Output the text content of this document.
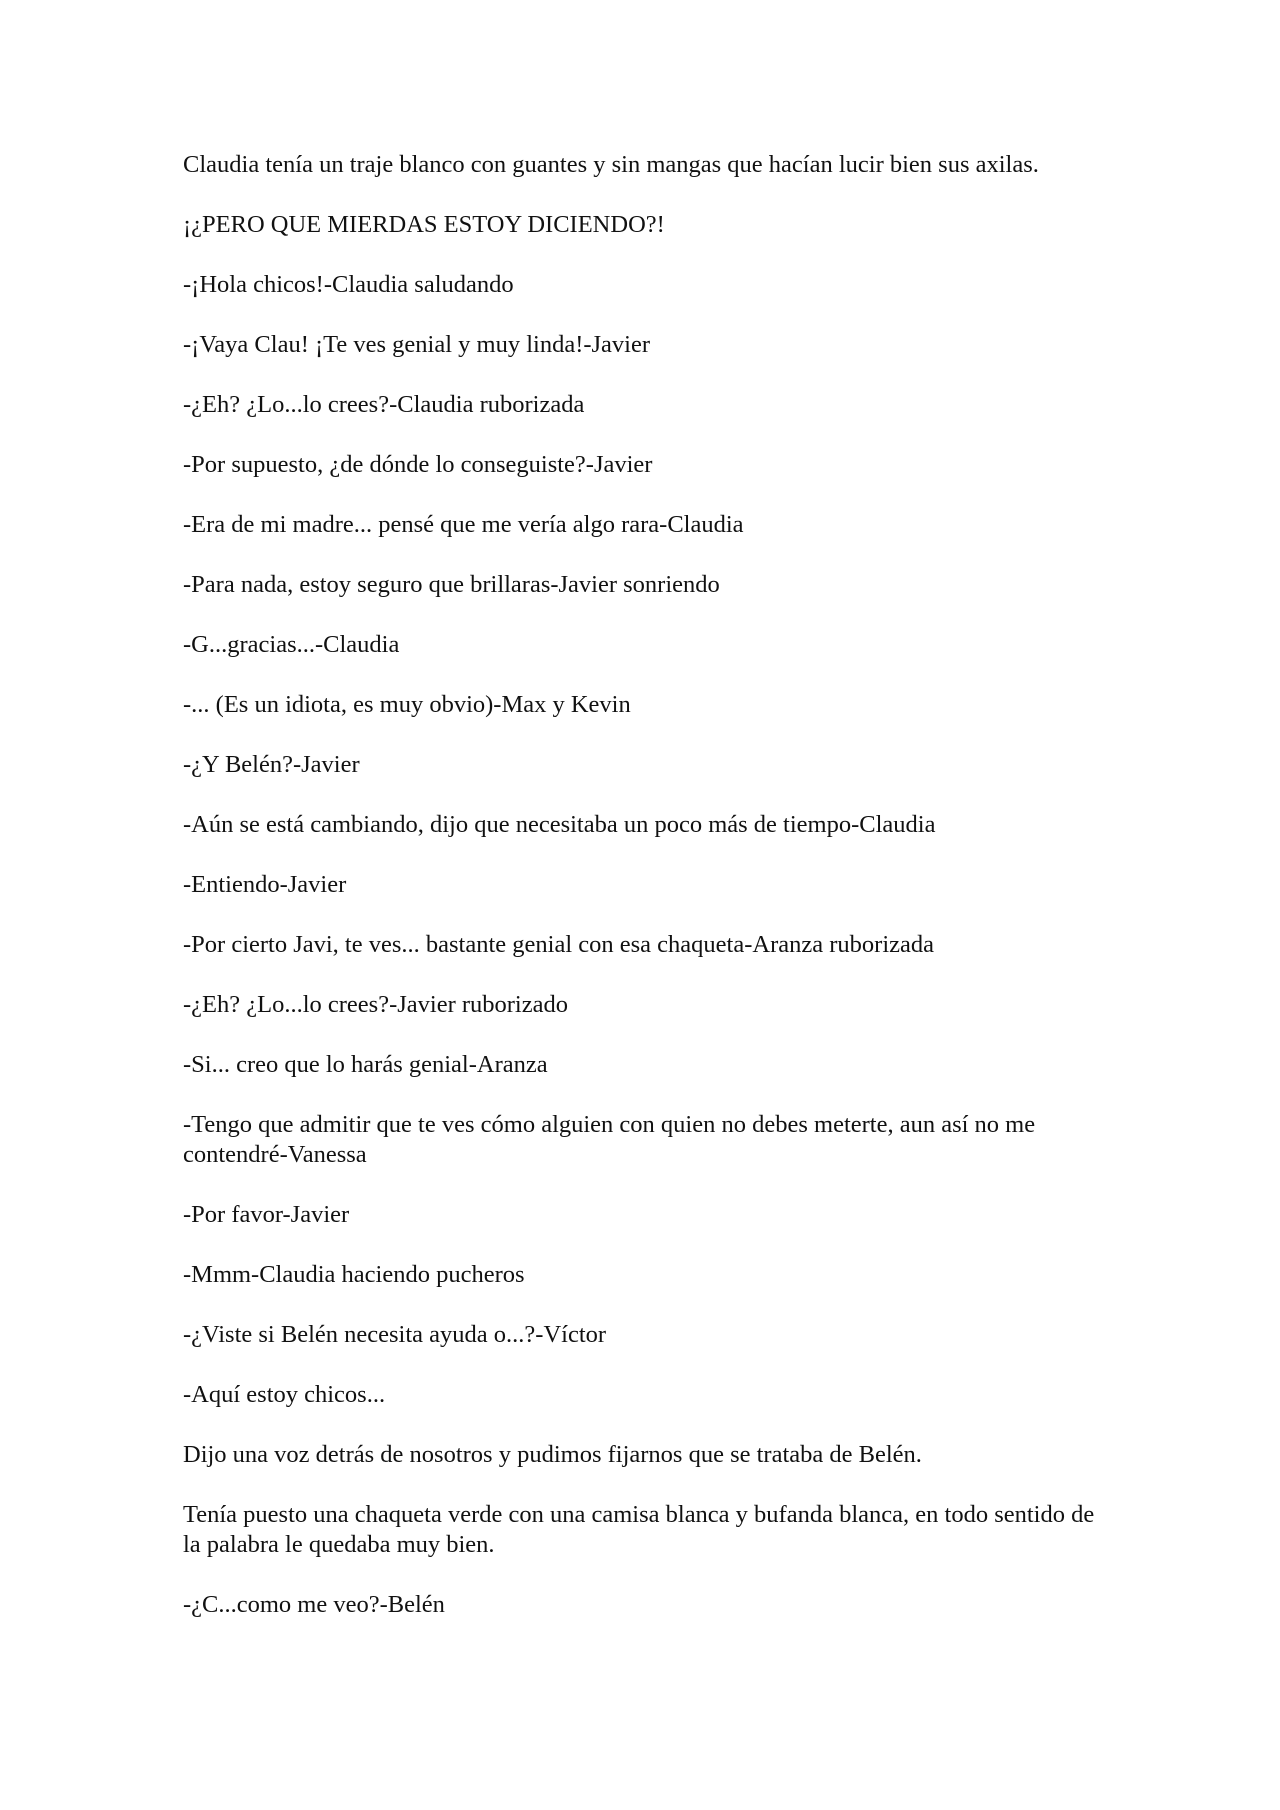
Claudia tenía un traje blanco con guantes y sin mangas que hacían lucir bien sus axilas.

¡¿PERO QUE MIERDAS ESTOY DICIENDO?!

-¡Hola chicos!-Claudia saludando

-¡Vaya Clau! ¡Te ves genial y muy linda!-Javier

-¿Eh? ¿Lo...lo crees?-Claudia ruborizada

-Por supuesto, ¿de dónde lo conseguiste?-Javier

-Era de mi madre... pensé que me vería algo rara-Claudia

-Para nada, estoy seguro que brillaras-Javier sonriendo

-G...gracias...-Claudia

-... (Es un idiota, es muy obvio)-Max y Kevin

-¿Y Belén?-Javier

-Aún se está cambiando, dijo que necesitaba un poco más de tiempo-Claudia

-Entiendo-Javier

-Por cierto Javi, te ves... bastante genial con esa chaqueta-Aranza ruborizada

-¿Eh? ¿Lo...lo crees?-Javier ruborizado

-Si... creo que lo harás genial-Aranza

-Tengo que admitir que te ves cómo alguien con quien no debes meterte, aun así no me contendré-Vanessa

-Por favor-Javier

-Mmm-Claudia haciendo pucheros

-¿Viste si Belén necesita ayuda o...?-Víctor

-Aquí estoy chicos...

Dijo una voz detrás de nosotros y pudimos fijarnos que se trataba de Belén.

Tenía puesto una chaqueta verde con una camisa blanca y bufanda blanca, en todo sentido de la palabra le quedaba muy bien.

-¿C...como me veo?-Belén
